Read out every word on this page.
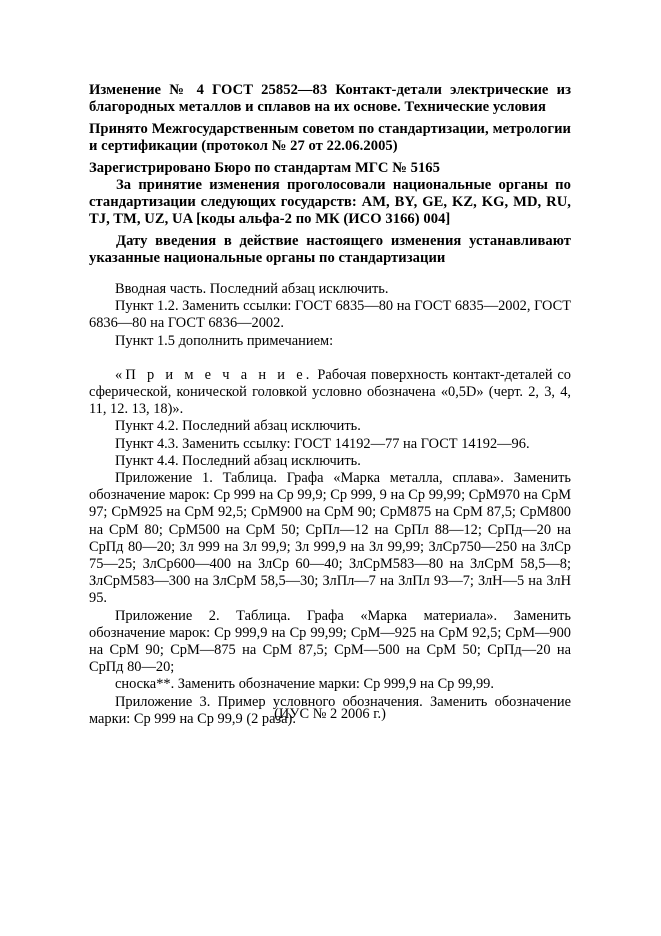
Изменение № 4 ГОСТ 25852—83 Контакт-детали электрические из благородных металлов и сплавов на их основе. Технические условия

Принято Межгосударственным советом по стандартизации, метрологии и сертификации (протокол № 27 от 22.06.2005)

Зарегистрировано Бюро по стандартам МГС № 5165

За принятие изменения проголосовали национальные органы по стандартизации следующих государств: AM, BY, GE, KZ, KG, MD, RU, TJ, TM, UZ, UA [коды альфа-2 по МК (ИСО 3166) 004]

Дату введения в действие настоящего изменения устанавливают указанные национальные органы по стандартизации

Вводная часть. Последний абзац исключить.

Пункт 1.2. Заменить ссылки: ГОСТ 6835—80 на ГОСТ 6835—2002, ГОСТ 6836—80 на ГОСТ 6836—2002.

Пункт 1.5 дополнить примечанием:

«П р и м е ч а н и е. Рабочая поверхность контакт-деталей со сферической, конической головкой условно обозначена «0,5D» (черт. 2, 3, 4, 11, 12. 13, 18)».

Пункт 4.2. Последний абзац исключить.

Пункт 4.3. Заменить ссылку: ГОСТ 14192—77 на ГОСТ 14192—96.

Пункт 4.4. Последний абзац исключить.

Приложение 1. Таблица. Графа «Марка металла, сплава». Заменить обозначение марок: Ср 999 на Ср 99,9; Ср 999, 9 на Ср 99,99; СрМ970 на СрМ 97; СрМ925 на СрМ 92,5; СрМ900 на СрМ 90; СрМ875 на СрМ 87,5; СрМ800 на СрМ 80; СрМ500 на СрМ 50; СрПл—12 на СрПл 88—12; СрПд—20 на СрПд 80—20; Зл 999 на Зл 99,9; Зл 999,9 на Зл 99,99; ЗлСр750—250 на ЗлСр 75—25; ЗлСр600—400 на ЗлСр 60—40; ЗлСрМ583—80 на ЗлСрМ 58,5—8; ЗлСрМ583—300 на ЗлСрМ 58,5—30; ЗлПл—7 на ЗлПл 93—7; ЗлН—5 на ЗлН 95.

Приложение 2. Таблица. Графа «Марка материала». Заменить обозначение марок: Ср 999,9 на Ср 99,99; СрМ—925 на СрМ 92,5; СрМ—900 на СрМ 90; СрМ—875 на СрМ 87,5; СрМ—500 на СрМ 50; СрПд—20 на СрПд 80—20;

сноска**. Заменить обозначение марки: Ср 999,9 на Ср 99,99.

Приложение 3. Пример условного обозначения. Заменить обозначение марки: Ср 999 на Ср 99,9 (2 раза).

(ИУС № 2 2006 г.)
